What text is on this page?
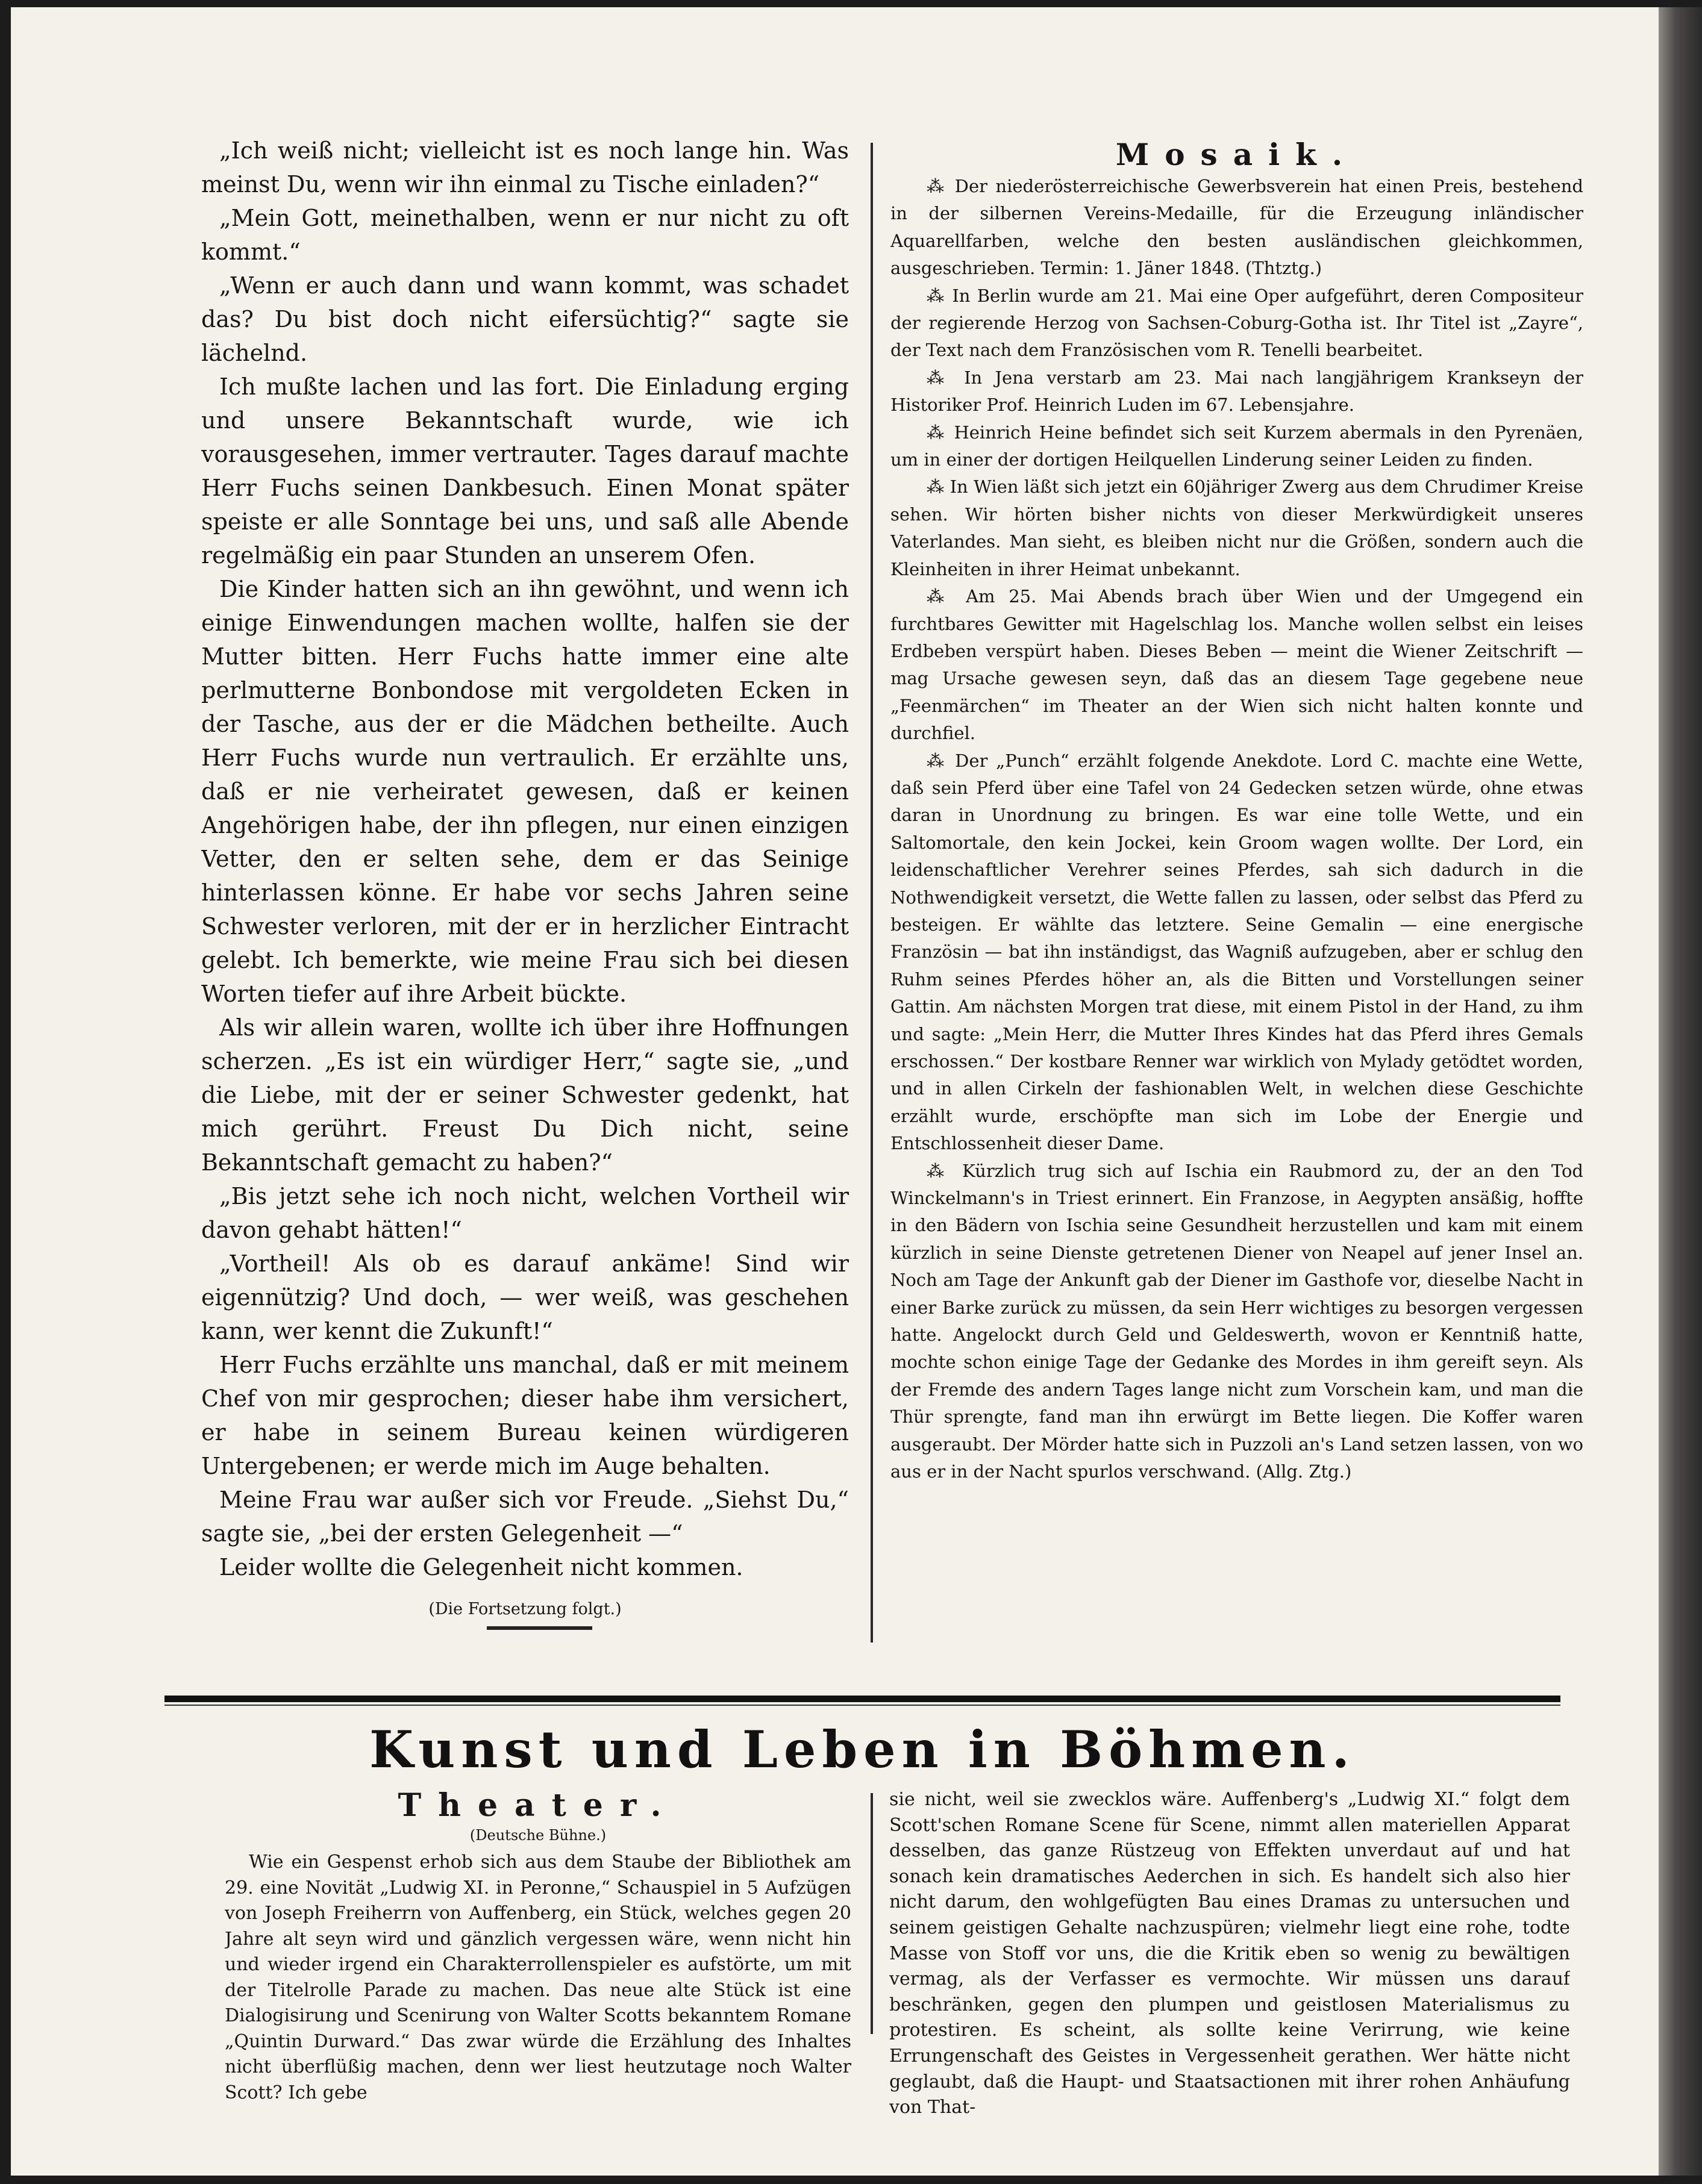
„Ich weiß nicht; vielleicht ist es noch lange hin. Was meinst Du, wenn wir ihn einmal zu Tische einladen?“

„Mein Gott, meinethalben, wenn er nur nicht zu oft kommt.“

„Wenn er auch dann und wann kommt, was schadet das? Du bist doch nicht eifersüchtig?“ sagte sie lächelnd.

Ich mußte lachen und las fort. Die Einladung erging und unsere Bekanntschaft wurde, wie ich vorausgesehen, immer vertrauter. Tages darauf machte Herr Fuchs seinen Dankbesuch. Einen Monat später speiste er alle Sonntage bei uns, und saß alle Abende regelmäßig ein paar Stunden an unserem Ofen.

Die Kinder hatten sich an ihn gewöhnt, und wenn ich einige Einwendungen machen wollte, halfen sie der Mutter bitten. Herr Fuchs hatte immer eine alte perlmutterne Bonbondose mit vergoldeten Ecken in der Tasche, aus der er die Mädchen betheilte. Auch Herr Fuchs wurde nun vertraulich. Er erzählte uns, daß er nie verheiratet gewesen, daß er keinen Angehörigen habe, der ihn pflegen, nur einen einzigen Vetter, den er selten sehe, dem er das Seinige hinterlassen könne. Er habe vor sechs Jahren seine Schwester verloren, mit der er in herzlicher Eintracht gelebt. Ich bemerkte, wie meine Frau sich bei diesen Worten tiefer auf ihre Arbeit bückte.

Als wir allein waren, wollte ich über ihre Hoffnungen scherzen. „Es ist ein würdiger Herr,“ sagte sie, „und die Liebe, mit der er seiner Schwester gedenkt, hat mich gerührt. Freust Du Dich nicht, seine Bekanntschaft gemacht zu haben?“

„Bis jetzt sehe ich noch nicht, welchen Vortheil wir davon gehabt hätten!“

„Vortheil! Als ob es darauf ankäme! Sind wir eigennützig? Und doch, — wer weiß, was geschehen kann, wer kennt die Zukunft!“

Herr Fuchs erzählte uns manchal, daß er mit meinem Chef von mir gesprochen; dieser habe ihm versichert, er habe in seinem Bureau keinen würdigeren Untergebenen; er werde mich im Auge behalten.

Meine Frau war außer sich vor Freude. „Siehst Du,“ sagte sie, „bei der ersten Gelegenheit —“

Leider wollte die Gelegenheit nicht kommen.

(Die Fortsetzung folgt.)

Mosaik.

⁂ Der niederösterreichische Gewerbsverein hat einen Preis, bestehend in der silbernen Vereins-Medaille, für die Erzeugung inländischer Aquarellfarben, welche den besten ausländischen gleichkommen, ausgeschrieben. Termin: 1. Jäner 1848. (Thtztg.)

⁂ In Berlin wurde am 21. Mai eine Oper aufgeführt, deren Compositeur der regierende Herzog von Sachsen-Coburg-Gotha ist. Ihr Titel ist „Zayre“, der Text nach dem Französischen vom R. Tenelli bearbeitet.

⁂ In Jena verstarb am 23. Mai nach langjährigem Krankseyn der Historiker Prof. Heinrich Luden im 67. Lebensjahre.

⁂ Heinrich Heine befindet sich seit Kurzem abermals in den Pyrenäen, um in einer der dortigen Heilquellen Linderung seiner Leiden zu finden.

⁂ In Wien läßt sich jetzt ein 60jähriger Zwerg aus dem Chrudimer Kreise sehen. Wir hörten bisher nichts von dieser Merkwürdigkeit unseres Vaterlandes. Man sieht, es bleiben nicht nur die Größen, sondern auch die Kleinheiten in ihrer Heimat unbekannt.

⁂ Am 25. Mai Abends brach über Wien und der Umgegend ein furchtbares Gewitter mit Hagelschlag los. Manche wollen selbst ein leises Erdbeben verspürt haben. Dieses Beben — meint die Wiener Zeitschrift — mag Ursache gewesen seyn, daß das an diesem Tage gegebene neue „Feenmärchen“ im Theater an der Wien sich nicht halten konnte und durchfiel.

⁂ Der „Punch“ erzählt folgende Anekdote. Lord C. machte eine Wette, daß sein Pferd über eine Tafel von 24 Gedecken setzen würde, ohne etwas daran in Unordnung zu bringen. Es war eine tolle Wette, und ein Saltomortale, den kein Jockei, kein Groom wagen wollte. Der Lord, ein leidenschaftlicher Verehrer seines Pferdes, sah sich dadurch in die Nothwendigkeit versetzt, die Wette fallen zu lassen, oder selbst das Pferd zu besteigen. Er wählte das letztere. Seine Gemalin — eine energische Französin — bat ihn inständigst, das Wagniß aufzugeben, aber er schlug den Ruhm seines Pferdes höher an, als die Bitten und Vorstellungen seiner Gattin. Am nächsten Morgen trat diese, mit einem Pistol in der Hand, zu ihm und sagte: „Mein Herr, die Mutter Ihres Kindes hat das Pferd ihres Gemals erschossen.“ Der kostbare Renner war wirklich von Mylady getödtet worden, und in allen Cirkeln der fashionablen Welt, in welchen diese Geschichte erzählt wurde, erschöpfte man sich im Lobe der Energie und Entschlossenheit dieser Dame.

⁂ Kürzlich trug sich auf Ischia ein Raubmord zu, der an den Tod Winckelmann's in Triest erinnert. Ein Franzose, in Aegypten ansäßig, hoffte in den Bädern von Ischia seine Gesundheit herzustellen und kam mit einem kürzlich in seine Dienste getretenen Diener von Neapel auf jener Insel an. Noch am Tage der Ankunft gab der Diener im Gasthofe vor, dieselbe Nacht in einer Barke zurück zu müssen, da sein Herr wichtiges zu besorgen vergessen hatte. Angelockt durch Geld und Geldeswerth, wovon er Kenntniß hatte, mochte schon einige Tage der Gedanke des Mordes in ihm gereift seyn. Als der Fremde des andern Tages lange nicht zum Vorschein kam, und man die Thür sprengte, fand man ihn erwürgt im Bette liegen. Die Koffer waren ausgeraubt. Der Mörder hatte sich in Puzzoli an's Land setzen lassen, von wo aus er in der Nacht spurlos verschwand. (Allg. Ztg.)

Kunst und Leben in Böhmen.

Theater.

(Deutsche Bühne.)

Wie ein Gespenst erhob sich aus dem Staube der Bibliothek am 29. eine Novität „Ludwig XI. in Peronne,“ Schauspiel in 5 Aufzügen von Joseph Freiherrn von Auffenberg, ein Stück, welches gegen 20 Jahre alt seyn wird und gänzlich vergessen wäre, wenn nicht hin und wieder irgend ein Charakterrollenspieler es aufstörte, um mit der Titelrolle Parade zu machen. Das neue alte Stück ist eine Dialogisirung und Scenirung von Walter Scotts bekanntem Romane „Quintin Durward.“ Das zwar würde die Erzählung des Inhaltes nicht überflüßig machen, denn wer liest heutzutage noch Walter Scott? Ich gebe

sie nicht, weil sie zwecklos wäre. Auffenberg's „Ludwig XI.“ folgt dem Scott'schen Romane Scene für Scene, nimmt allen materiellen Apparat desselben, das ganze Rüstzeug von Effekten unverdaut auf und hat sonach kein dramatisches Aederchen in sich. Es handelt sich also hier nicht darum, den wohlgefügten Bau eines Dramas zu untersuchen und seinem geistigen Gehalte nachzuspüren; vielmehr liegt eine rohe, todte Masse von Stoff vor uns, die die Kritik eben so wenig zu bewältigen vermag, als der Verfasser es vermochte. Wir müssen uns darauf beschränken, gegen den plumpen und geistlosen Materialismus zu protestiren. Es scheint, als sollte keine Verirrung, wie keine Errungenschaft des Geistes in Vergessenheit gerathen. Wer hätte nicht geglaubt, daß die Haupt- und Staatsactionen mit ihrer rohen Anhäufung von That-
